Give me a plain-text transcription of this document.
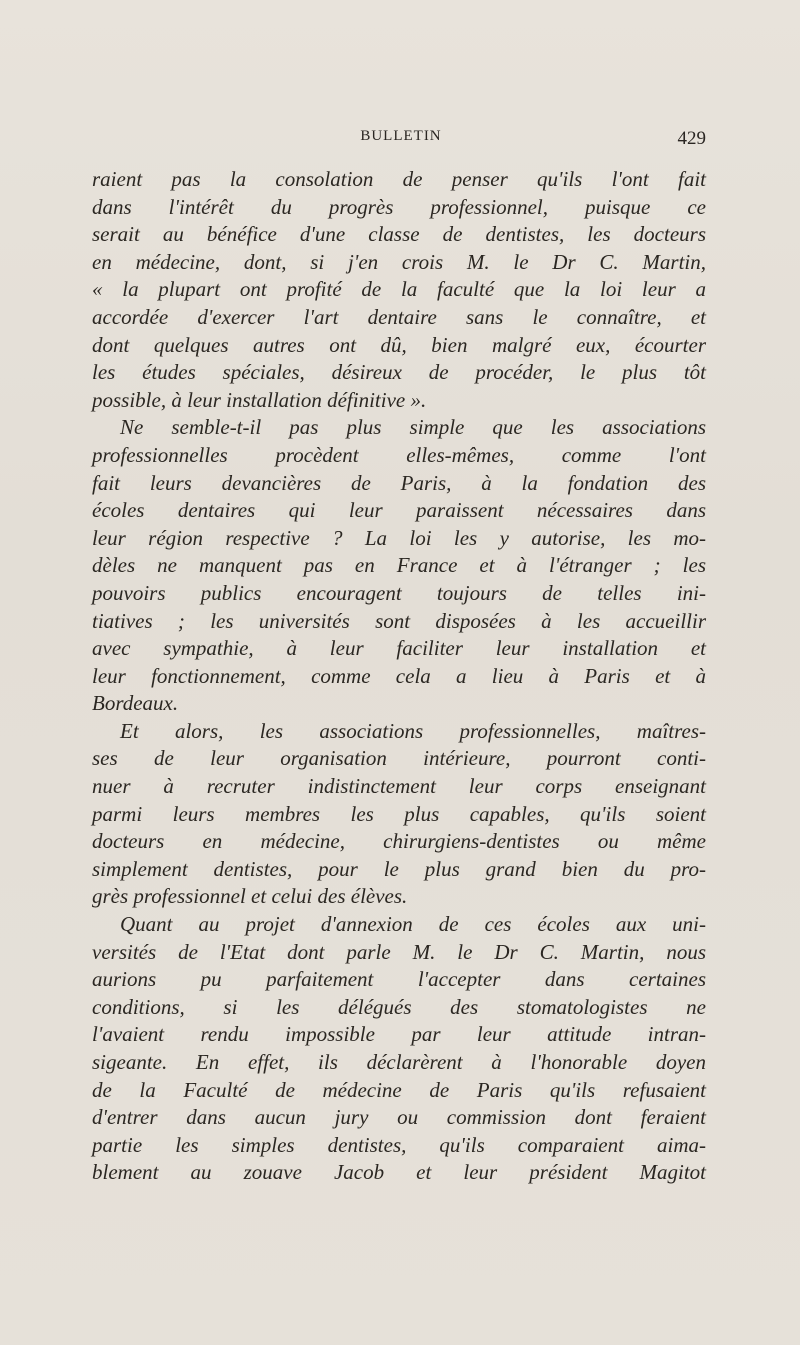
BULLETIN	429
raient pas la consolation de penser qu'ils l'ont fait
dans l'intérêt du progrès professionnel, puisque ce
serait au bénéfice d'une classe de dentistes, les docteurs
en médecine, dont, si j'en crois M. le Dr C. Martin,
« la plupart ont profité de la faculté que la loi leur a
accordée d'exercer l'art dentaire sans le connaître, et
dont quelques autres ont dû, bien malgré eux, écourter
les études spéciales, désireux de procéder, le plus tôt
possible, à leur installation définitive ».
Ne semble-t-il pas plus simple que les associations
professionnelles procèdent elles-mêmes, comme l'ont
fait leurs devancières de Paris, à la fondation des
écoles dentaires qui leur paraissent nécessaires dans
leur région respective ? La loi les y autorise, les mo-
dèles ne manquent pas en France et à l'étranger ; les
pouvoirs publics encouragent toujours de telles ini-
tiatives ; les universités sont disposées à les accueillir
avec sympathie, à leur faciliter leur installation et
leur fonctionnement, comme cela a lieu à Paris et à
Bordeaux.
Et alors, les associations professionnelles, maîtres-
ses de leur organisation intérieure, pourront conti-
nuer à recruter indistinctement leur corps enseignant
parmi leurs membres les plus capables, qu'ils soient
docteurs en médecine, chirurgiens-dentistes ou même
simplement dentistes, pour le plus grand bien du pro-
grès professionnel et celui des élèves.
Quant au projet d'annexion de ces écoles aux uni-
versités de l'Etat dont parle M. le Dr C. Martin, nous
aurions pu parfaitement l'accepter dans certaines
conditions, si les délégués des stomatologistes ne
l'avaient rendu impossible par leur attitude intran-
sigeante. En effet, ils déclarèrent à l'honorable doyen
de la Faculté de médecine de Paris qu'ils refusaient
d'entrer dans aucun jury ou commission dont feraient
partie les simples dentistes, qu'ils comparaient aima-
blement au zouave Jacob et leur président Magitot
